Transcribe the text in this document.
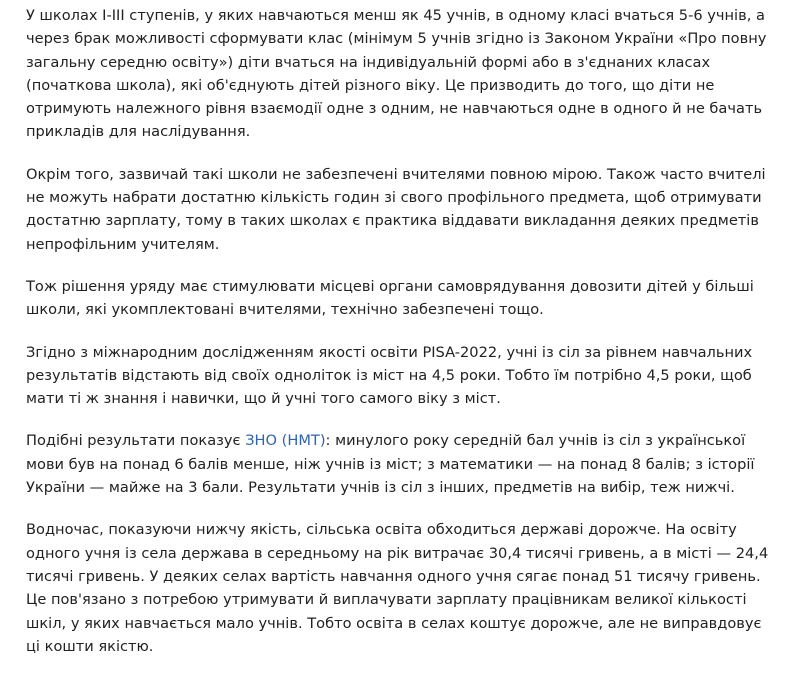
У школах І-ІІІ ступенів, у яких навчаються менш як 45 учнів, в одному класі вчаться 5-6 учнів, а через брак можливості сформувати клас (мінімум 5 учнів згідно із Законом України «Про повну загальну середню освіту») діти вчаться на індивідуальній формі або в з'єднаних класах (початкова школа), які об'єднують дітей різного віку. Це призводить до того, що діти не отримують належного рівня взаємодії одне з одним, не навчаються одне в одного й не бачать прикладів для наслідування.

Окрім того, зазвичай такі школи не забезпечені вчителями повною мірою. Також часто вчителі не можуть набрати достатню кількість годин зі свого профільного предмета, щоб отримувати достатню зарплату, тому в таких школах є практика віддавати викладання деяких предметів непрофільним учителям.

Тож рішення уряду має стимулювати місцеві органи самоврядування довозити дітей у більші школи, які укомплектовані вчителями, технічно забезпечені тощо.

Згідно з міжнародним дослідженням якості освіти PISA-2022, учні із сіл за рівнем навчальних результатів відстають від своїх одноліток із міст на 4,5 роки. Тобто їм потрібно 4,5 роки, щоб мати ті ж знання і навички, що й учні того самого віку з міст.

Подібні результати показує ЗНО (НМТ): минулого року середній бал учнів із сіл з української мови був на понад 6 балів менше, ніж учнів із міст; з математики — на понад 8 балів; з історії України — майже на 3 бали. Результати учнів із сіл з інших, предметів на вибір, теж нижчі.

Водночас, показуючи нижчу якість, сільська освіта обходиться державі дорожче. На освіту одного учня із села держава в середньому на рік витрачає 30,4 тисячі гривень, а в місті — 24,4 тисячі гривень. У деяких селах вартість навчання одного учня сягає понад 51 тисячу гривень. Це пов'язано з потребою утримувати й виплачувати зарплату працівникам великої кількості шкіл, у яких навчається мало учнів. Тобто освіта в селах коштує дорожче, але не виправдовує ці кошти якістю.
